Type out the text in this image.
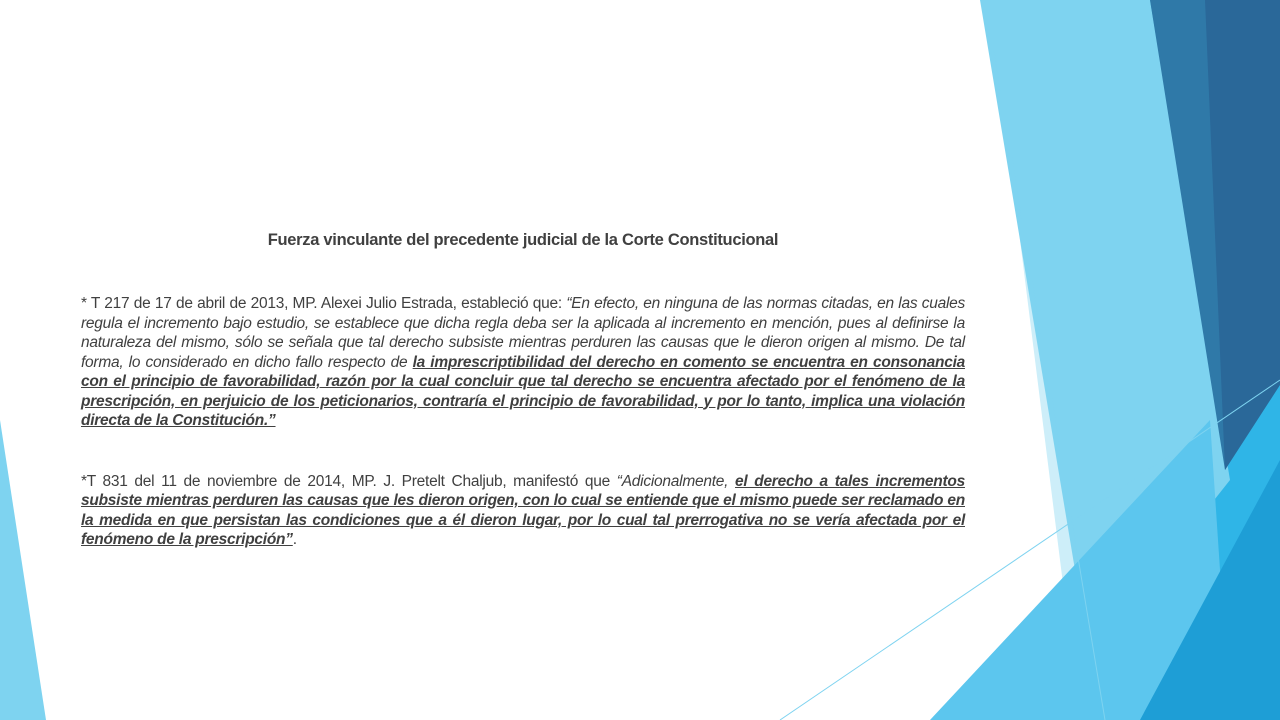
Fuerza vinculante del precedente judicial de la Corte Constitucional

* T 217 de 17 de abril de 2013, MP. Alexei Julio Estrada, estableció que: “En efecto, en ninguna de las normas citadas, en las cuales regula el incremento bajo estudio, se establece que dicha regla deba ser la aplicada al incremento en mención, pues al definirse la naturaleza del mismo, sólo se señala que tal derecho subsiste mientras perduren las causas que le dieron origen al mismo. De tal forma, lo considerado en dicho fallo respecto de la imprescriptibilidad del derecho en comento se encuentra en consonancia con el principio de favorabilidad, razón por la cual concluir que tal derecho se encuentra afectado por el fenómeno de la prescripción, en perjuicio de los peticionarios, contraría el principio de favorabilidad, y por lo tanto, implica una violación directa de la Constitución.”

*T 831 del 11 de noviembre de 2014, MP. J. Pretelt Chaljub, manifestó que “Adicionalmente, el derecho a tales incrementos subsiste mientras perduren las causas que les dieron origen, con lo cual se entiende que el mismo puede ser reclamado en la medida en que persistan las condiciones que a él dieron lugar, por lo cual tal prerrogativa no se vería afectada por el fenómeno de la prescripción”.
